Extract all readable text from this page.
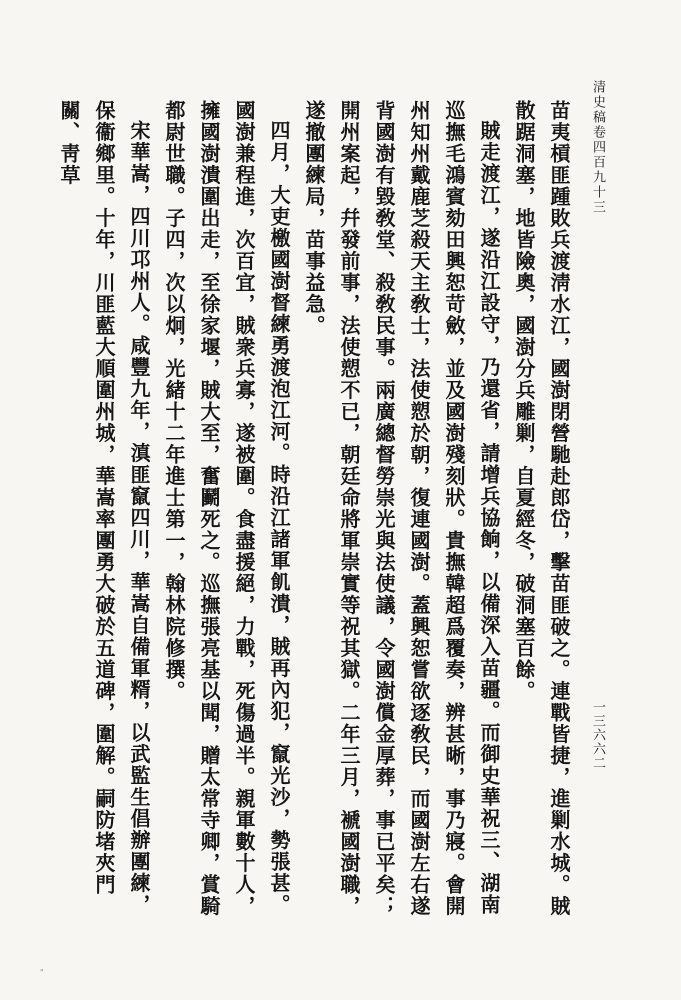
清史稿卷四百九十三
一三六六二

苗夷槓匪踵敗兵渡淸水江，國澍閉營馳赴郎岱，擊苗匪破之。連戰皆捷，進剿水城。賊散踞洞塞，地皆險奧，國澍分兵雕剿，自夏經冬，破洞塞百餘。

賊走渡江，遂沿江設守，乃還省，請增兵協餉，以備深入苗疆。而御史華祝三、湖南巡撫毛鴻賓劾田興恕苛斂，並及國澍殘刻狀。貴撫韓超爲覆奏，辨甚晰，事乃寢。會開州知州戴鹿芝殺天主敎士，法使愬於朝，復連國澍。蓋興恕嘗欲逐敎民，而國澍左右遂背國澍有毀敎堂、殺敎民事。兩廣總督勞崇光與法使議，令國澍償金厚葬，事已平矣；開州案起，幷發前事，法使愬不已，朝廷命將軍崇實等祝其獄。二年三月，褫國澍職，遂撤團練局，苗事益急。

四月，大吏檄國澍督練勇渡泡江河。時沿江諸軍飢潰，賊再內犯，竄光沙，勢張甚。國澍兼程進，次百宜，賊衆兵寡，遂被圍。食盡援絕，力戰，死傷過半。親軍數十人，擁國澍潰圍出走，至徐家堰，賊大至，奮鬬死之。巡撫張亮基以聞，贈太常寺卿，賞騎都尉世職。子四，次以炯，光緒十二年進士第一，翰林院修撰。

宋華嵩，四川邛州人。咸豐九年，滇匪竄四川，華嵩自備軍糈，以武監生倡辦團練，保衞鄉里。十年，川匪藍大順圍州城，華嵩率團勇大破於五道碑，圍解。嗣防堵夾門關、靑草

"
